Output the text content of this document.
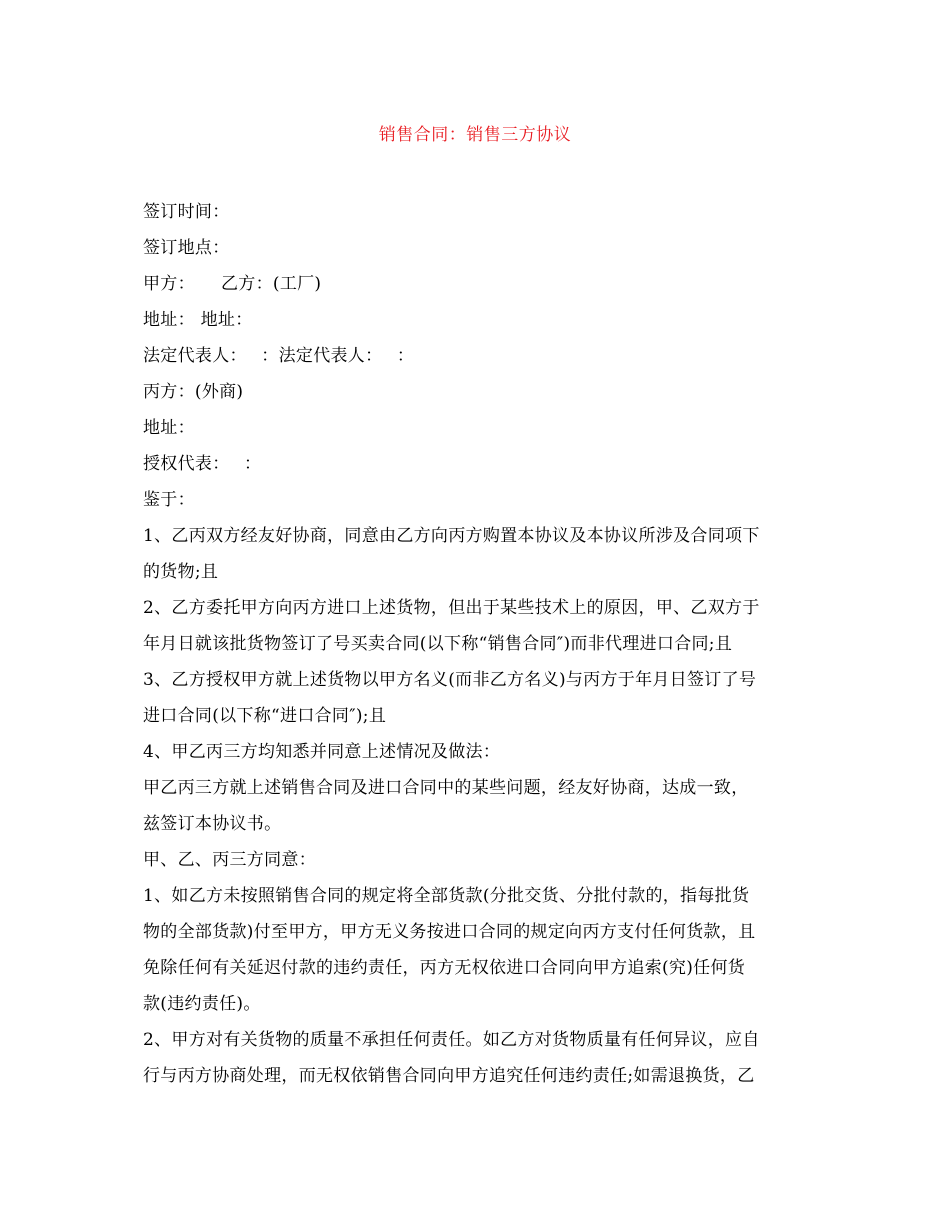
销售合同：销售三方协议
签订时间：
签订地点：
甲方：　　乙方：(工厂)
地址： 地址：
法定代表人：　 ：法定代表人：　 ：
丙方：(外商)
地址：
授权代表：　 ：
鉴于：
1、乙丙双方经友好协商，同意由乙方向丙方购置本协议及本协议所涉及合同项下
的货物;且
2、乙方委托甲方向丙方进口上述货物，但出于某些技术上的原因，甲、乙双方于
年月日就该批货物签订了号买卖合同(以下称“销售合同″)而非代理进口合同;且
3、乙方授权甲方就上述货物以甲方名义(而非乙方名义)与丙方于年月日签订了号
进口合同(以下称“进口合同″);且
4、甲乙丙三方均知悉并同意上述情况及做法：
甲乙丙三方就上述销售合同及进口合同中的某些问题，经友好协商，达成一致，
兹签订本协议书。
甲、乙、丙三方同意：
1、如乙方未按照销售合同的规定将全部货款(分批交货、分批付款的，指每批货
物的全部货款)付至甲方，甲方无义务按进口合同的规定向丙方支付任何货款，且
免除任何有关延迟付款的违约责任，丙方无权依进口合同向甲方追索(究)任何货
款(违约责任)。
2、甲方对有关货物的质量不承担任何责任。如乙方对货物质量有任何异议，应自
行与丙方协商处理，而无权依销售合同向甲方追究任何违约责任;如需退换货，乙
